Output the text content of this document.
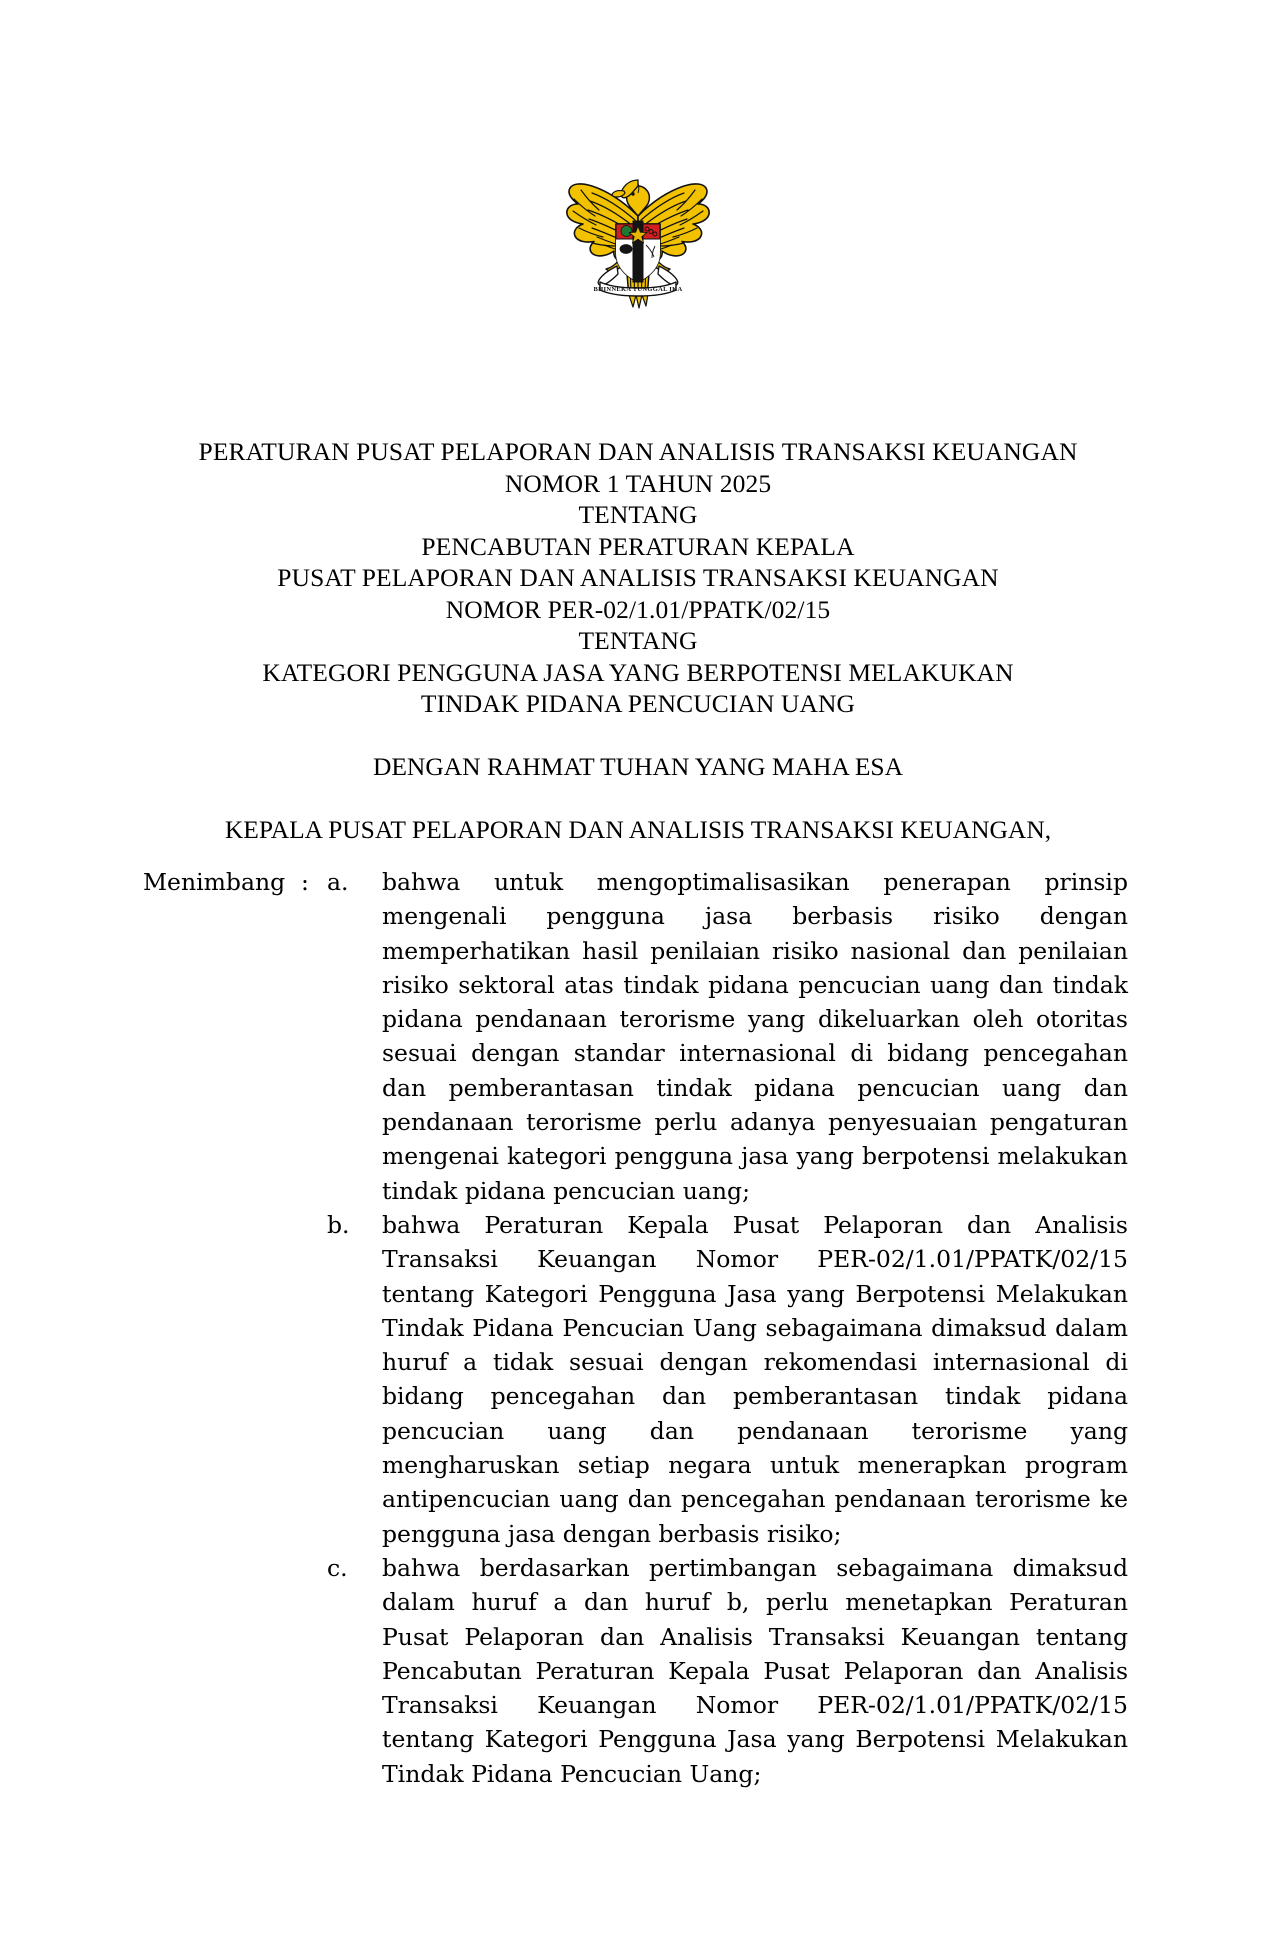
BHINNEKA TUNGGAL IKA
PERATURAN PUSAT PELAPORAN DAN ANALISIS TRANSAKSI KEUANGAN
NOMOR 1 TAHUN 2025
TENTANG
PENCABUTAN PERATURAN KEPALA
PUSAT PELAPORAN DAN ANALISIS TRANSAKSI KEUANGAN
NOMOR PER-02/1.01/PPATK/02/15
TENTANG
KATEGORI PENGGUNA JASA YANG BERPOTENSI MELAKUKAN
TINDAK PIDANA PENCUCIAN UANG
DENGAN RAHMAT TUHAN YANG MAHA ESA
KEPALA PUSAT PELAPORAN DAN ANALISIS TRANSAKSI KEUANGAN,
Menimbang : a.	bahwa untuk mengoptimalisasikan penerapan prinsip mengenali pengguna jasa berbasis risiko dengan memperhatikan hasil penilaian risiko nasional dan penilaian risiko sektoral atas tindak pidana pencucian uang dan tindak pidana pendanaan terorisme yang dikeluarkan oleh otoritas sesuai dengan standar internasional di bidang pencegahan dan pemberantasan tindak pidana pencucian uang dan pendanaan terorisme perlu adanya penyesuaian pengaturan mengenai kategori pengguna jasa yang berpotensi melakukan tindak pidana pencucian uang;
b.	bahwa Peraturan Kepala Pusat Pelaporan dan Analisis Transaksi Keuangan Nomor PER-02/1.01/PPATK/02/15 tentang Kategori Pengguna Jasa yang Berpotensi Melakukan Tindak Pidana Pencucian Uang sebagaimana dimaksud dalam huruf a tidak sesuai dengan rekomendasi internasional di bidang pencegahan dan pemberantasan tindak pidana pencucian uang dan pendanaan terorisme yang mengharuskan setiap negara untuk menerapkan program antipencucian uang dan pencegahan pendanaan terorisme ke pengguna jasa dengan berbasis risiko;
c.	bahwa berdasarkan pertimbangan sebagaimana dimaksud dalam huruf a dan huruf b, perlu menetapkan Peraturan Pusat Pelaporan dan Analisis Transaksi Keuangan tentang Pencabutan Peraturan Kepala Pusat Pelaporan dan Analisis Transaksi Keuangan Nomor PER-02/1.01/PPATK/02/15 tentang Kategori Pengguna Jasa yang Berpotensi Melakukan Tindak Pidana Pencucian Uang;
